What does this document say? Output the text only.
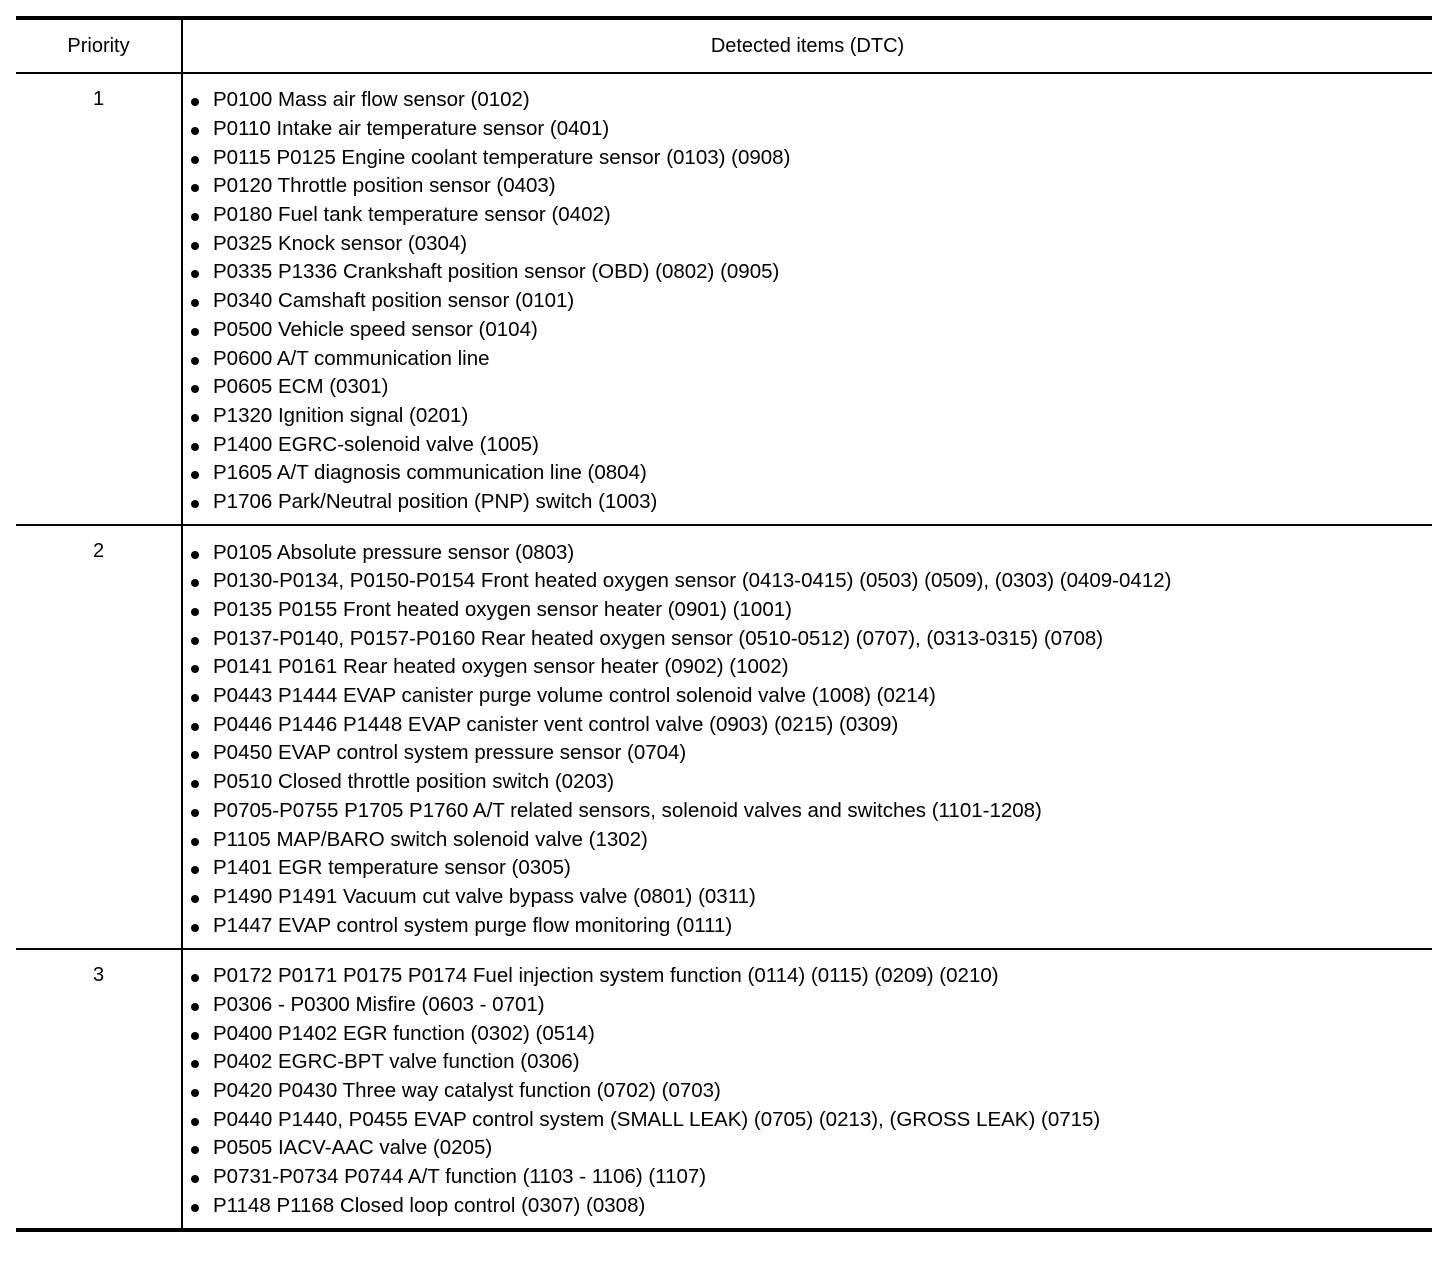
Priority	Detected items (DTC)
1	P0100 Mass air flow sensor (0102)
P0110 Intake air temperature sensor (0401)
P0115 P0125 Engine coolant temperature sensor (0103) (0908)
P0120 Throttle position sensor (0403)
P0180 Fuel tank temperature sensor (0402)
P0325 Knock sensor (0304)
P0335 P1336 Crankshaft position sensor (OBD) (0802) (0905)
P0340 Camshaft position sensor (0101)
P0500 Vehicle speed sensor (0104)
P0600 A/T communication line
P0605 ECM (0301)
P1320 Ignition signal (0201)
P1400 EGRC-solenoid valve (1005)
P1605 A/T diagnosis communication line (0804)
P1706 Park/Neutral position (PNP) switch (1003)
2	P0105 Absolute pressure sensor (0803)
P0130-P0134, P0150-P0154 Front heated oxygen sensor (0413-0415) (0503) (0509), (0303) (0409-0412)
P0135 P0155 Front heated oxygen sensor heater (0901) (1001)
P0137-P0140, P0157-P0160 Rear heated oxygen sensor (0510-0512) (0707), (0313-0315) (0708)
P0141 P0161 Rear heated oxygen sensor heater (0902) (1002)
P0443 P1444 EVAP canister purge volume control solenoid valve (1008) (0214)
P0446 P1446 P1448 EVAP canister vent control valve (0903) (0215) (0309)
P0450 EVAP control system pressure sensor (0704)
P0510 Closed throttle position switch (0203)
P0705-P0755 P1705 P1760 A/T related sensors, solenoid valves and switches (1101-1208)
P1105 MAP/BARO switch solenoid valve (1302)
P1401 EGR temperature sensor (0305)
P1490 P1491 Vacuum cut valve bypass valve (0801) (0311)
P1447 EVAP control system purge flow monitoring (0111)
3	P0172 P0171 P0175 P0174 Fuel injection system function (0114) (0115) (0209) (0210)
P0306 - P0300 Misfire (0603 - 0701)
P0400 P1402 EGR function (0302) (0514)
P0402 EGRC-BPT valve function (0306)
P0420 P0430 Three way catalyst function (0702) (0703)
P0440 P1440, P0455 EVAP control system (SMALL LEAK) (0705) (0213), (GROSS LEAK) (0715)
P0505 IACV-AAC valve (0205)
P0731-P0734 P0744 A/T function (1103 - 1106) (1107)
P1148 P1168 Closed loop control (0307) (0308)
